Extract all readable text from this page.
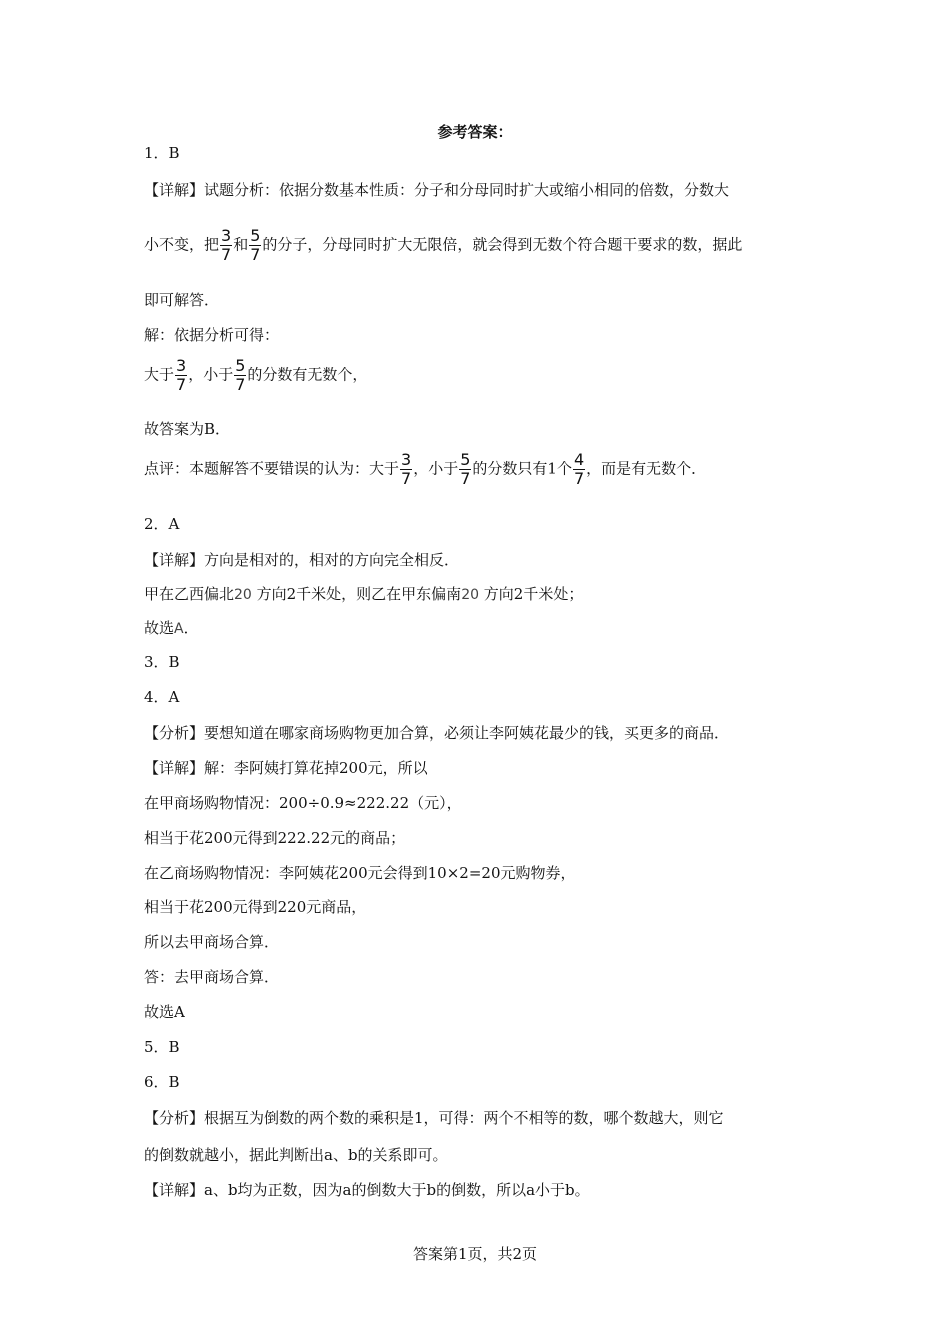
参考答案：
1．B
【详解】试题分析：依据分数基本性质：分子和分母同时扩大或缩小相同的倍数，分数大
小不变，把 $\frac{3}{7}$ 和 $\frac{5}{7}$ 的分子，分母同时扩大无限倍，就会得到无数个符合题干要求的数，据此
即可解答．
解：依据分析可得：
大于 $\frac{3}{7}$ ，小于 $\frac{5}{7}$ 的分数有无数个，
故答案为B．
点评：本题解答不要错误的认为：大于 $\frac{3}{7}$ ，小于 $\frac{5}{7}$ 的分数只有1个 $\frac{4}{7}$ ，而是有无数个．
2．A
【详解】方向是相对的，相对的方向完全相反．
甲在乙西偏北20 方向2千米处，则乙在甲东偏南20 方向2千米处；
故选A．
3．B
4．A
【分析】要想知道在哪家商场购物更加合算，必须让李阿姨花最少的钱，买更多的商品．
【详解】解：李阿姨打算花掉200元，所以
在甲商场购物情况：200÷0.9≈222.22（元），
相当于花200元得到222.22元的商品；
在乙商场购物情况：李阿姨花200元会得到10×2=20元购物券，
相当于花200元得到220元商品，
所以去甲商场合算．
答：去甲商场合算．
故选A
5．B
6．B
【分析】根据互为倒数的两个数的乘积是1，可得：两个不相等的数，哪个数越大，则它
的倒数就越小，据此判断出a、b的关系即可。
【详解】a、b均为正数，因为a的倒数大于b的倒数，所以a小于b。
答案第1页，共2页
